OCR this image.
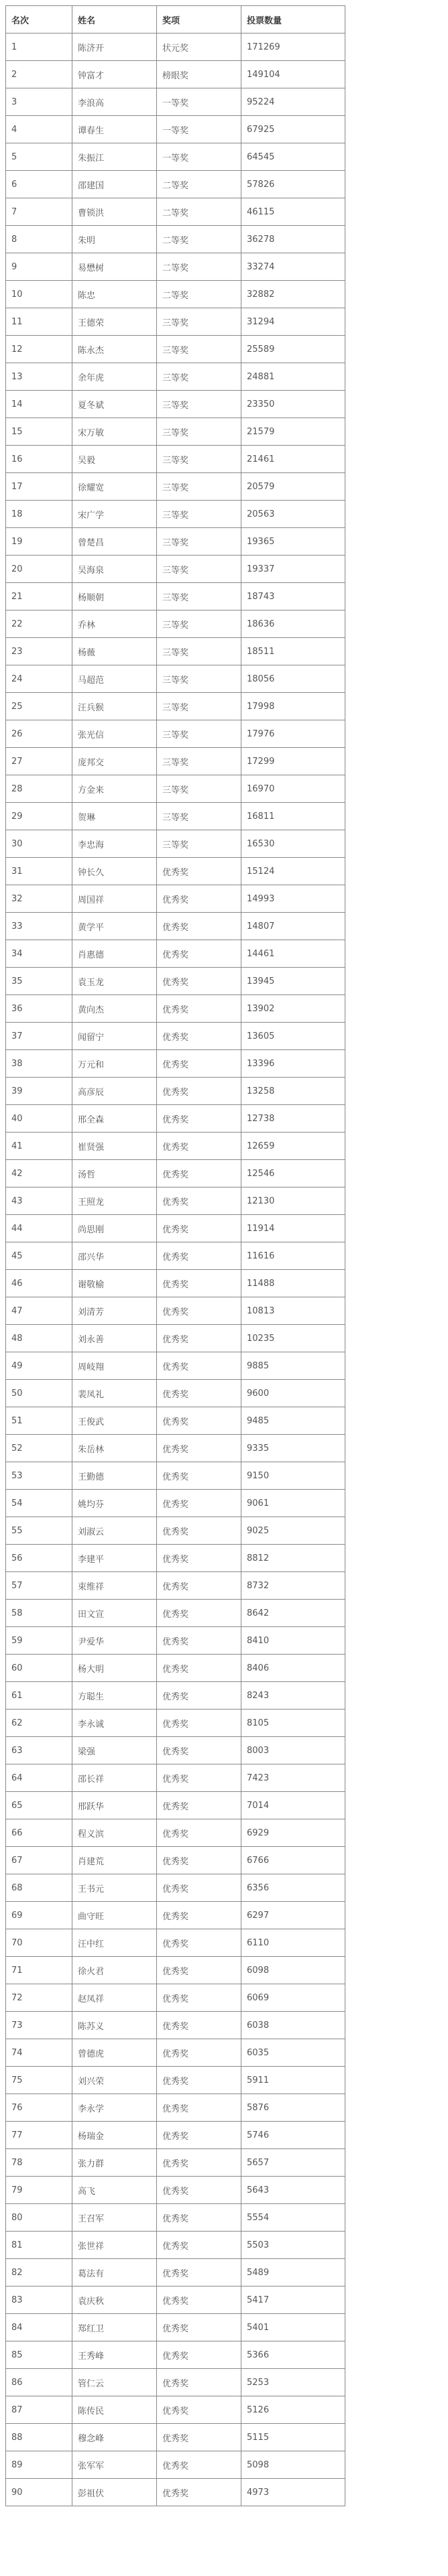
名次	姓名	奖项	投票数量
1	陈济开	状元奖	171269
2	钟富才	榜眼奖	149104
3	李浪高	一等奖	95224
4	谭春生	一等奖	67925
5	朱振江	一等奖	64545
6	邵建国	二等奖	57826
7	曹锁洪	二等奖	46115
8	朱明	二等奖	36278
9	易懋树	二等奖	33274
10	陈忠	二等奖	32882
11	王德荣	三等奖	31294
12	陈永杰	三等奖	25589
13	余年虎	三等奖	24881
14	夏冬斌	三等奖	23350
15	宋万敏	三等奖	21579
16	吴毅	三等奖	21461
17	徐耀宽	三等奖	20579
18	宋广学	三等奖	20563
19	曾楚昌	三等奖	19365
20	吴海泉	三等奖	19337
21	杨顺朝	三等奖	18743
22	乔林	三等奖	18636
23	杨薇	三等奖	18511
24	马超范	三等奖	18056
25	汪兵猴	三等奖	17998
26	张光信	三等奖	17976
27	庞邦交	三等奖	17299
28	方金来	三等奖	16970
29	贺琳	三等奖	16811
30	李忠海	三等奖	16530
31	钟长久	优秀奖	15124
32	周国祥	优秀奖	14993
33	黄学平	优秀奖	14807
34	肖惠德	优秀奖	14461
35	袁玉龙	优秀奖	13945
36	黄向杰	优秀奖	13902
37	闻留宁	优秀奖	13605
38	万元和	优秀奖	13396
39	高彦辰	优秀奖	13258
40	邢全森	优秀奖	12738
41	崔贤强	优秀奖	12659
42	汤哲	优秀奖	12546
43	王照龙	优秀奖	12130
44	尚思刚	优秀奖	11914
45	邵兴华	优秀奖	11616
46	谢敬榆	优秀奖	11488
47	刘清芳	优秀奖	10813
48	刘永善	优秀奖	10235
49	周岐翔	优秀奖	9885
50	裴凤礼	优秀奖	9600
51	王俊武	优秀奖	9485
52	朱岳林	优秀奖	9335
53	王勤德	优秀奖	9150
54	姚均芬	优秀奖	9061
55	刘淑云	优秀奖	9025
56	李建平	优秀奖	8812
57	束维祥	优秀奖	8732
58	田文宣	优秀奖	8642
59	尹爱华	优秀奖	8410
60	杨大明	优秀奖	8406
61	方聪生	优秀奖	8243
62	李永诚	优秀奖	8105
63	梁强	优秀奖	8003
64	邵长祥	优秀奖	7423
65	邢跃华	优秀奖	7014
66	程义滨	优秀奖	6929
67	肖建荒	优秀奖	6766
68	王书元	优秀奖	6356
69	曲守旺	优秀奖	6297
70	汪中红	优秀奖	6110
71	徐火君	优秀奖	6098
72	赵凤祥	优秀奖	6069
73	陈苏义	优秀奖	6038
74	曾德虎	优秀奖	6035
75	刘兴荣	优秀奖	5911
76	李永学	优秀奖	5876
77	杨瑞金	优秀奖	5746
78	张力群	优秀奖	5657
79	高飞	优秀奖	5643
80	王召军	优秀奖	5554
81	张世祥	优秀奖	5503
82	葛法有	优秀奖	5489
83	袁庆秋	优秀奖	5417
84	郑红卫	优秀奖	5401
85	王秀峰	优秀奖	5366
86	管仁云	优秀奖	5253
87	陈传民	优秀奖	5126
88	穆念峰	优秀奖	5115
89	张军军	优秀奖	5098
90	彭祖伏	优秀奖	4973
